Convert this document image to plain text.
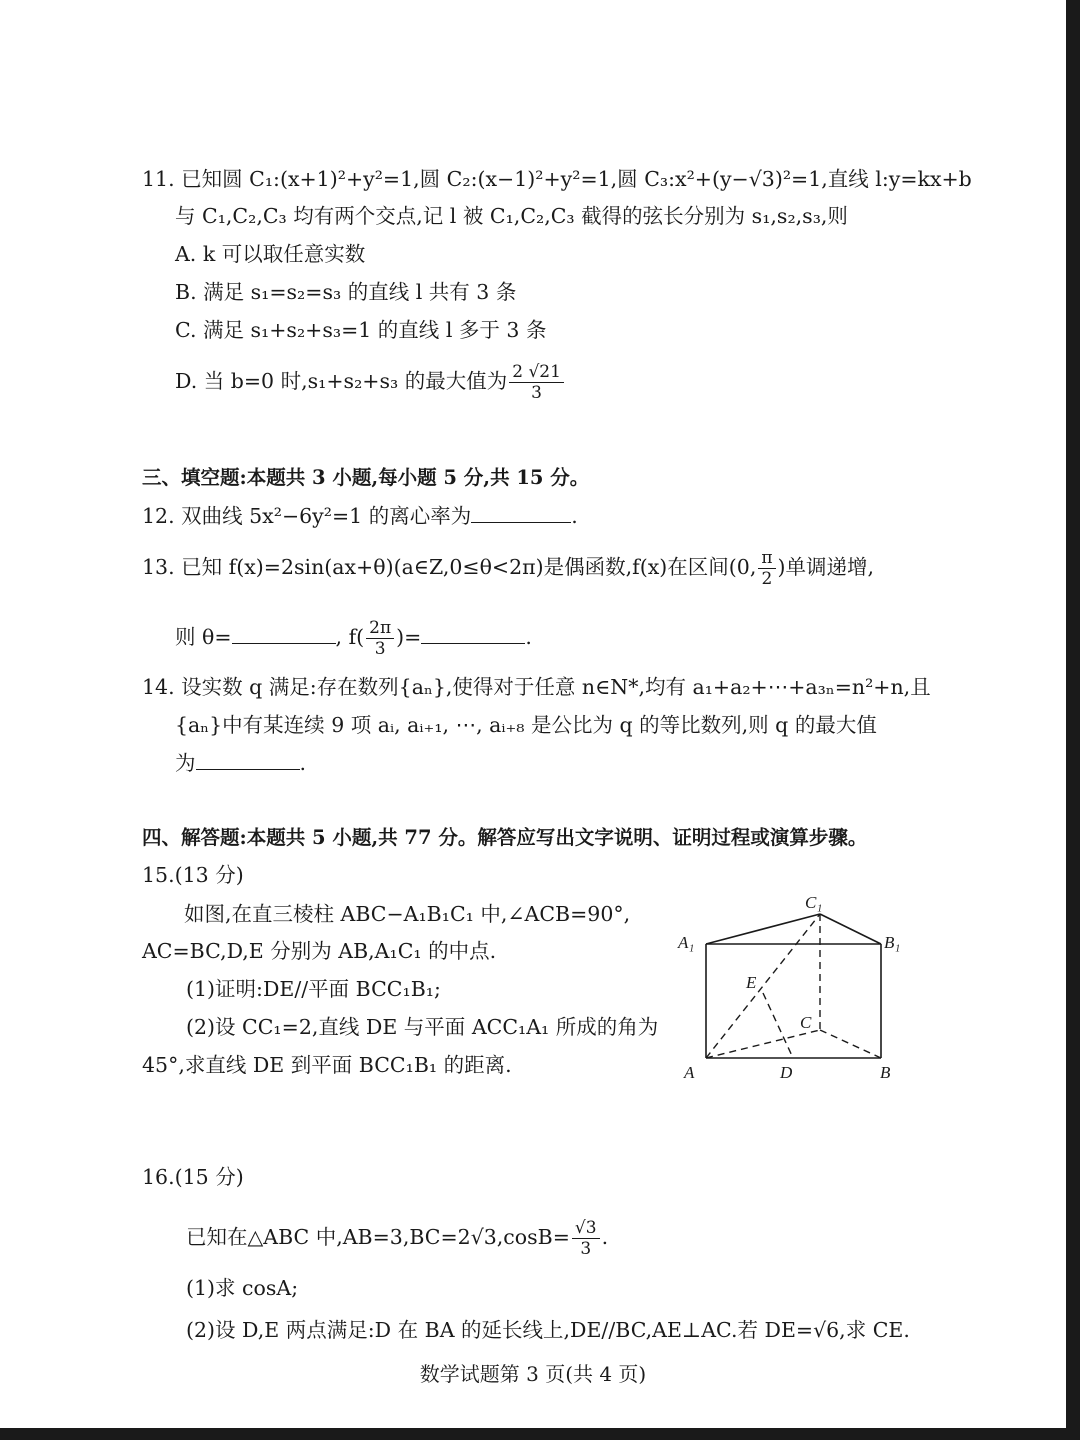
11. 已知圆 C₁:(x+1)²+y²=1,圆 C₂:(x−1)²+y²=1,圆 C₃:x²+(y−√3)²=1,直线 l:y=kx+b
与 C₁,C₂,C₃ 均有两个交点,记 l 被 C₁,C₂,C₃ 截得的弦长分别为 s₁,s₂,s₃,则
A. k 可以取任意实数
B. 满足 s₁=s₂=s₃ 的直线 l 共有 3 条
C. 满足 s₁+s₂+s₃=1 的直线 l 多于 3 条
D. 当 b=0 时,s₁+s₂+s₃ 的最大值为 $\frac{2 √21}{3}$
三、填空题:本题共 3 小题,每小题 5 分,共 15 分。
12. 双曲线 5x²−6y²=1 的离心率为	.
13. 已知 f(x)=2sin(ax+θ)(a∈Z,0≤θ<2π)是偶函数,f(x)在区间(0, $\frac{\pi}{2}$ )单调递增,
则 θ=	, $f( \frac{2\pi}{3}$ )=	.
14. 设实数 q 满足:存在数列{aₙ},使得对于任意 n∈N*,均有 a₁+a₂+⋯+a₃ₙ=n²+n,且
{aₙ}中有某连续 9 项 aᵢ, aᵢ₊₁, ⋯, aᵢ₊₈ 是公比为 q 的等比数列,则 q 的最大值
为	.
四、解答题:本题共 5 小题,共 77 分。解答应写出文字说明、证明过程或演算步骤。
15.(13 分)
如图,在直三棱柱 ABC−A₁B₁C₁ 中,∠ACB=90°,
AC=BC,D,E 分别为 AB,A₁C₁ 的中点.
(1)证明:DE//平面 BCC₁B₁;
(2)设 CC₁=2,直线 DE 与平面 ACC₁A₁ 所成的角为
45°,求直线 DE 到平面 BCC₁B₁ 的距离.
C₁
A₁	B₁
E
C
A	D	B
16.(15 分)
已知在△ABC 中$,AB=3,BC=2√3,\cos B= \frac{√3}{3}$ .
(1)求 cosA;
(2)设 D,E 两点满足:D 在 BA 的延长线上,DE//BC,AE⊥AC.若 DE=√6,求 CE.
数学试题第 3 页(共 4 页)
